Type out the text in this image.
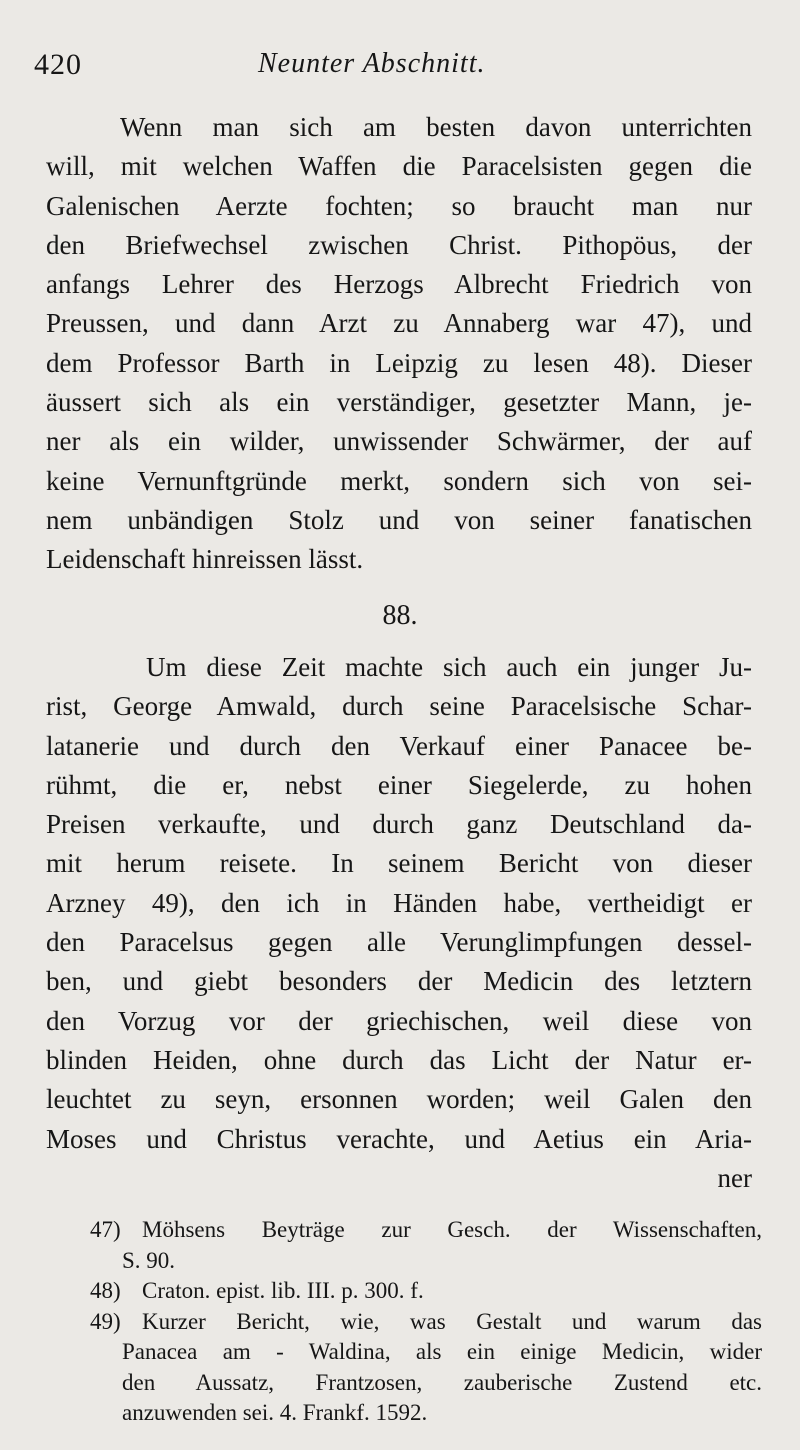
420	Neunter Abschnitt.
Wenn man sich am besten davon unterrichten
will, mit welchen Waffen die Paracelsisten gegen die
Galenischen Aerzte fochten; so braucht man nur
den Briefwechsel zwischen Christ. Pithopöus, der
anfangs Lehrer des Herzogs Albrecht Friedrich von
Preussen, und dann Arzt zu Annaberg war 47), und
dem Professor Barth in Leipzig zu lesen 48). Dieser
äussert sich als ein verständiger, gesetzter Mann, je-
ner als ein wilder, unwissender Schwärmer, der auf
keine Vernunftgründe merkt, sondern sich von sei-
nem unbändigen Stolz und von seiner fanatischen
Leidenschaft hinreissen lässt.
88.
Um diese Zeit machte sich auch ein junger Ju-
rist, George Amwald, durch seine Paracelsische Schar-
latanerie und durch den Verkauf einer Panacee be-
rühmt, die er, nebst einer Siegelerde, zu hohen
Preisen verkaufte, und durch ganz Deutschland da-
mit herum reisete. In seinem Bericht von dieser
Arzney 49), den ich in Händen habe, vertheidigt er
den Paracelsus gegen alle Verunglimpfungen dessel-
ben, und giebt besonders der Medicin des letztern
den Vorzug vor der griechischen, weil diese von
blinden Heiden, ohne durch das Licht der Natur er-
leuchtet zu seyn, ersonnen worden; weil Galen den
Moses und Christus verachte, und Aetius ein Aria-
ner
47) Möhsens Beyträge zur Gesch. der Wissenschaften,
S. 90.
48) Craton. epist. lib. III. p. 300. f.
49) Kurzer Bericht, wie, was Gestalt und warum das
Panacea am - Waldina, als ein einige Medicin, wider
den Aussatz, Frantzosen, zauberische Zustend etc.
anzuwenden sei. 4. Frankf. 1592.
